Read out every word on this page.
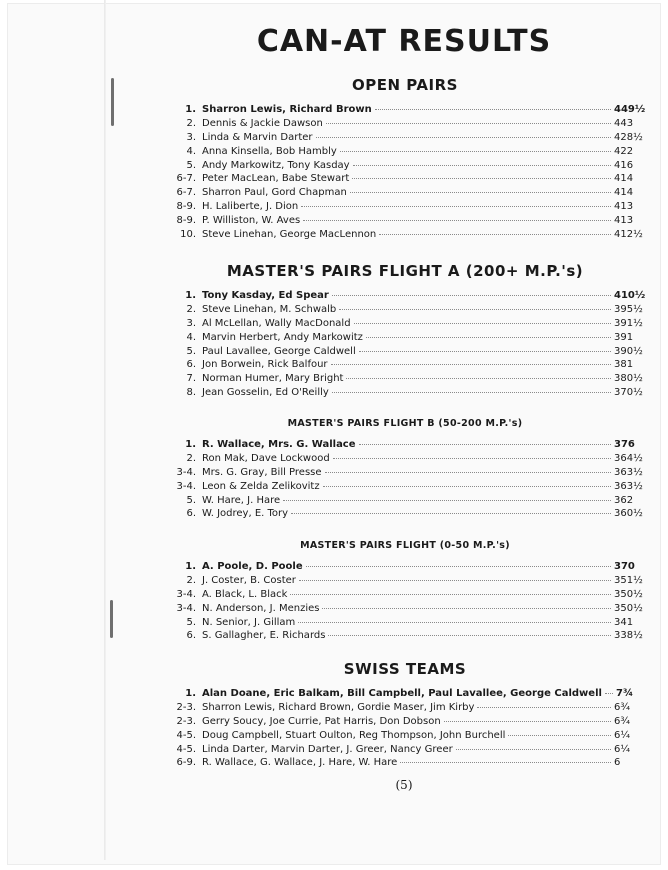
CAN-AT RESULTS
OPEN PAIRS
1. Sharron Lewis, Richard Brown	449½
2. Dennis & Jackie Dawson	443
3. Linda & Marvin Darter	428½
4. Anna Kinsella, Bob Hambly	422
5. Andy Markowitz, Tony Kasday	416
6-7. Peter MacLean, Babe Stewart	414
6-7. Sharron Paul, Gord Chapman	414
8-9. H. Laliberte, J. Dion	413
8-9. P. Williston, W. Aves	413
10. Steve Linehan, George MacLennon	412½
MASTER'S PAIRS FLIGHT A (200+ M.P.'s)
1. Tony Kasday, Ed Spear	410½
2. Steve Linehan, M. Schwalb	395½
3. Al McLellan, Wally MacDonald	391½
4. Marvin Herbert, Andy Markowitz	391
5. Paul Lavallee, George Caldwell	390½
6. Jon Borwein, Rick Balfour	381
7. Norman Humer, Mary Bright	380½
8. Jean Gosselin, Ed O'Reilly	370½
MASTER'S PAIRS FLIGHT B (50-200 M.P.'s)
1. R. Wallace, Mrs. G. Wallace	376
2. Ron Mak, Dave Lockwood	364½
3-4. Mrs. G. Gray, Bill Presse	363½
3-4. Leon & Zelda Zelikovitz	363½
5. W. Hare, J. Hare	362
6. W. Jodrey, E. Tory	360½
MASTER'S PAIRS FLIGHT (0-50 M.P.'s)
1. A. Poole, D. Poole	370
2. J. Coster, B. Coster	351½
3-4. A. Black, L. Black	350½
3-4. N. Anderson, J. Menzies	350½
5. N. Senior, J. Gillam	341
6. S. Gallagher, E. Richards	338½
SWISS TEAMS
1. Alan Doane, Eric Balkam, Bill Campbell, Paul Lavallee, George Caldwell 7¾
2-3. Sharron Lewis, Richard Brown, Gordie Maser, Jim Kirby	6¾
2-3. Gerry Soucy, Joe Currie, Pat Harris, Don Dobson	6¾
4-5. Doug Campbell, Stuart Oulton, Reg Thompson, John Burchell	6¼
4-5. Linda Darter, Marvin Darter, J. Greer, Nancy Greer	6¼
6-9. R. Wallace, G. Wallace, J. Hare, W. Hare	6
(5)
